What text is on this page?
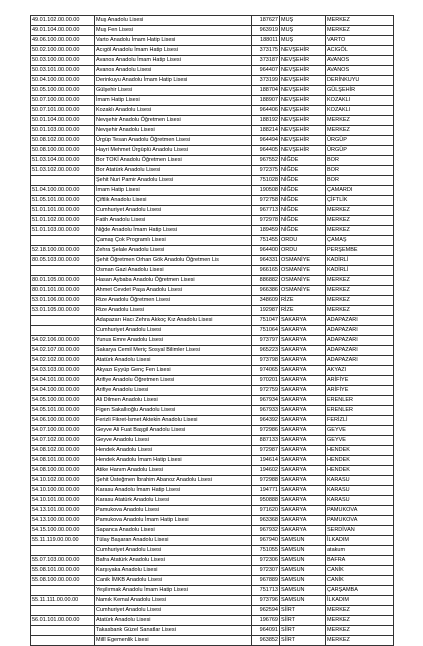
49.01.102.00.00.00	Muş Anadolu Lisesi	187627	MUŞ	MERKEZ
49.01.104.00.00.00	Muş Fen Lisesi	963919	MUŞ	MERKEZ
49.06.100.00.00.00	Varto Anadolu İmam Hatip Lisesi	188011	MUŞ	VARTO
50.02.100.00.00.00	Acıgöl Anadolu İmam Hatip Lisesi	373175	NEVŞEHİR	ACIGÖL
50.03.100.00.00.00	Avanos Anadolu İmam Hatip Lisesi	373187	NEVŞEHİR	AVANOS
50.03.101.00.00.00	Avanos Anadolu Lisesi	964407	NEVŞEHİR	AVANOS
50.04.100.00.00.00	Derinkuyu Anadolu İmam Hatip Lisesi	373199	NEVŞEHİR	DERİNKUYU
50.05.100.00.00.00	Gülşehir Lisesi	188704	NEVŞEHİR	GÜLŞEHİR
50.07.100.00.00.00	İmam Hatip Lisesi	188907	NEVŞEHİR	KOZAKLI
50.07.101.00.00.00	Kozaklı Anadolu Lisesi	964406	NEVŞEHİR	KOZAKLI
50.01.104.00.00.00	Nevşehir Anadolu Öğretmen Lisesi	188192	NEVŞEHİR	MERKEZ
50.01.103.00.00.00	Nevşehir Anadolu Lisesi	188214	NEVŞEHİR	MERKEZ
50.08.102.00.00.00	Ürgüp Tesan Anadolu Öğretmen Lisesi	964494	NEVŞEHİR	ÜRGÜP
50.08.100.00.00.00	Hayri Mehmet Ürgüplü Anadolu Lisesi	964405	NEVŞEHİR	ÜRGÜP
51.03.104.00.00.00	Bor TOKİ Anadolu Öğretmen Lisesi	967552	NİĞDE	BOR
51.03.102.00.00.00	Bor Atatürk Anadolu Lisesi	972375	NİĞDE	BOR
	Şehit Nuri Pamir Anadolu Lisesi	751028	NİĞDE	BOR
51.04.100.00.00.00	İmam Hatip Lisesi	190508	NİĞDE	ÇAMARDI
51.05.101.00.00.00	Çiftlik Anadolu Lisesi	972758	NİĞDE	ÇİFTLİK
51.01.101.00.00.00	Cumhuriyet Anadolu Lisesi	967713	NİĞDE	MERKEZ
51.01.102.00.00.00	Fatih Anadolu Lisesi	972978	NİĞDE	MERKEZ
51.01.103.00.00.00	Niğde Anadolu İmam Hatip Lisesi	189459	NİĞDE	MERKEZ
	Çamaş Çok Programlı Lisesi	751455	ORDU	ÇAMAŞ
52.18.100.00.00.00	Zehra Şelale Anadolu Lisesi	964400	ORDU	PERŞEMBE
80.05.103.00.00.00	Şehit Öğretmen Orhan Gök Anadolu Öğretmen Lis	964331	OSMANİYE	KADİRLİ
	Osman Gazi Anadolu Lisesi	966165	OSMANİYE	KADİRLİ
80.01.105.00.00.00	Hasan Aybaba Anadolu Öğretmen Lisesi	886882	OSMANİYE	MERKEZ
80.01.101.00.00.00	Ahmet Cevdet Paşa Anadolu Lisesi	966386	OSMANİYE	MERKEZ
53.01.106.00.00.00	Rize Anadolu Öğretmen Lisesi	348609	RİZE	MERKEZ
53.01.105.00.00.00	Rize Anadolu Lisesi	192987	RİZE	MERKEZ
	Adapazarı Hacı Zehra Akkoç Kız Anadolu Lisesi	751047	SAKARYA	ADAPAZARI
	Cumhuriyet Anadolu Lisesi	751064	SAKARYA	ADAPAZARI
54.02.106.00.00.00	Yunus Emre Anadolu Lisesi	973797	SAKARYA	ADAPAZARI
54.02.107.00.00.00	Sakarya Cemil Meriç Sosyal Bilimler Lisesi	965223	SAKARYA	ADAPAZARI
54.02.102.00.00.00	Atatürk Anadolu Lisesi	973798	SAKARYA	ADAPAZARI
54.03.103.00.00.00	Akyazı Eyyüp Genç Fen Lisesi	974065	SAKARYA	AKYAZI
54.04.101.00.00.00	Arifiye Anadolu Öğretmen Lisesi	970201	SAKARYA	ARİFİYE
54.04.100.00.00.00	Arifiye Anadolu Lisesi	972759	SAKARYA	ARİFİYE
54.05.100.00.00.00	Ali Dilmen Anadolu Lisesi	967934	SAKARYA	ERENLER
54.05.101.00.00.00	Figen Sakallıoğlu Anadolu Lisesi	967933	SAKARYA	ERENLER
54.06.100.00.00.00	Ferizli Fikret-İsmet Akteki̇n Anadolu Lisesi	964392	SAKARYA	FERİZLİ
54.07.100.00.00.00	Geyve Ali Fuat Başgil Anadolu Lisesi	972986	SAKARYA	GEYVE
54.07.102.00.00.00	Geyve Anadolu Lisesi	887133	SAKARYA	GEYVE
54.08.102.00.00.00	Hendek Anadolu Lisesi	972987	SAKARYA	HENDEK
54.08.101.00.00.00	Hendek Anadolu İmam Hatip Lisesi	194614	SAKARYA	HENDEK
54.08.100.00.00.00	Atike Hanım Anadolu Lisesi	194602	SAKARYA	HENDEK
54.10.102.00.00.00	Şehit Üsteğmen İbrahim Abanoz Anadolu Lisesi	972988	SAKARYA	KARASU
54.10.100.00.00.00	Karasu Anadolu İmam Hatip Lisesi	194771	SAKARYA	KARASU
54.10.101.00.00.00	Karasu Atatürk Anadolu Lisesi	950888	SAKARYA	KARASU
54.13.101.00.00.00	Pamukova Anadolu Lisesi	971620	SAKARYA	PAMUKOVA
54.13.100.00.00.00	Pamukova Anadolu İmam Hatip Lisesi	963368	SAKARYA	PAMUKOVA
54.15.100.00.00.00	Sapanca Anadolu Lisesi	967932	SAKARYA	SERDİVAN
55.11.119.00.00.00	Tülay Başaran Anadolu Lisesi	967940	SAMSUN	İLKADIM
	Cumhuriyet Anadolu Lisesi	751055	SAMSUN	atakum
55.07.103.00.00.00	Bafra Atatürk Anadolu Lisesi	972306	SAMSUN	BAFRA
55.08.101.00.00.00	Karşıyaka Anadolu Lisesi	972307	SAMSUN	CANİK
55.08.100.00.00.00	Canik İMKB Anadolu Lisesi	967889	SAMSUN	CANİK
	Yeşilırmak Anadolu İmam Hatip Lisesi	751713	SAMSUN	ÇARŞAMBA
55.11.111.00.00.00	Namık Kemal Anadolu Lisesi	973796	SAMSUN	İLKADIM
	Cumhuriyet Anadolu Lisesi	962594	SİİRT	MERKEZ
56.01.101.00.00.00	Atatürk Anadolu Lisesi	196769	SİİRT	MERKEZ
	Takasbank Güzel Sanatlar Lisesi	964091	SİİRT	MERKEZ
	Millî Egemenlik Lisesi	963852	SİİRT	MERKEZ
